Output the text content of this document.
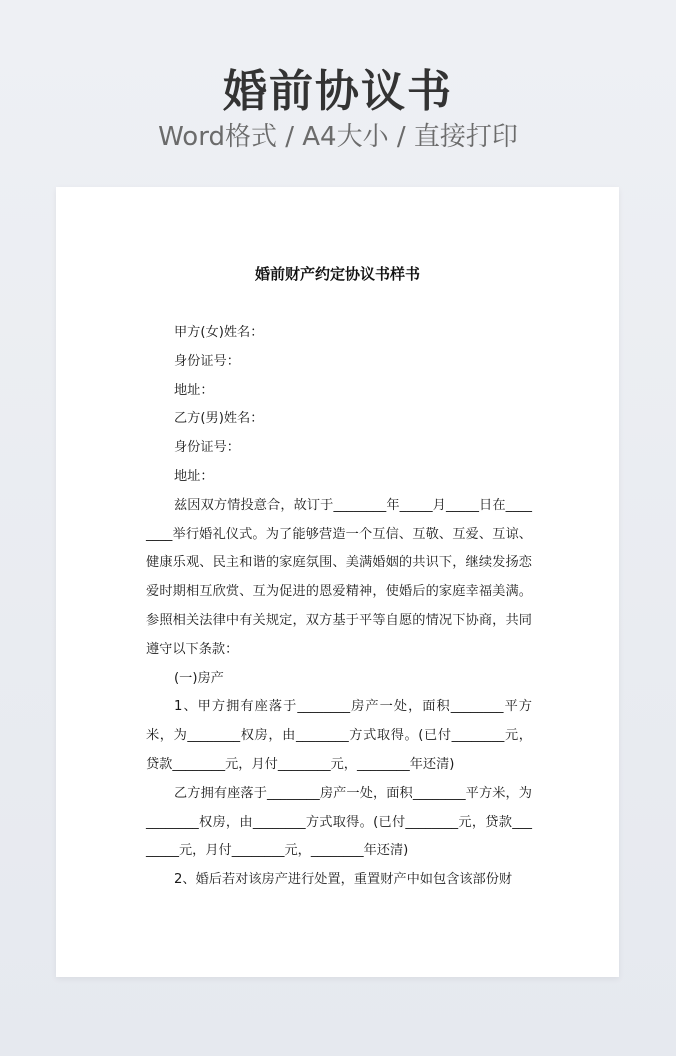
婚前协议书
Word格式 / A4大小 / 直接打印
婚前财产约定协议书样书

甲方(女)姓名：

身份证号：

地址：

乙方(男)姓名：

身份证号：

地址：

兹因双方情投意合，故订于________年_____月_____日在________举行婚礼仪式。为了能够营造一个互信、互敬、互爱、互谅、健康乐观、民主和谐的家庭氛围、美满婚姻的共识下，继续发扬恋爱时期相互欣赏、互为促进的恩爱精神，使婚后的家庭幸福美满。参照相关法律中有关规定，双方基于平等自愿的情况下协商，共同遵守以下条款：

(一)房产

1、甲方拥有座落于________房产一处，面积________平方米，为________权房，由________方式取得。(已付________元，贷款________元，月付________元，________年还清)

乙方拥有座落于________房产一处，面积________平方米，为________权房，由________方式取得。(已付________元，贷款________元，月付________元，________年还清)

2、婚后若对该房产进行处置，重置财产中如包含该部份财
